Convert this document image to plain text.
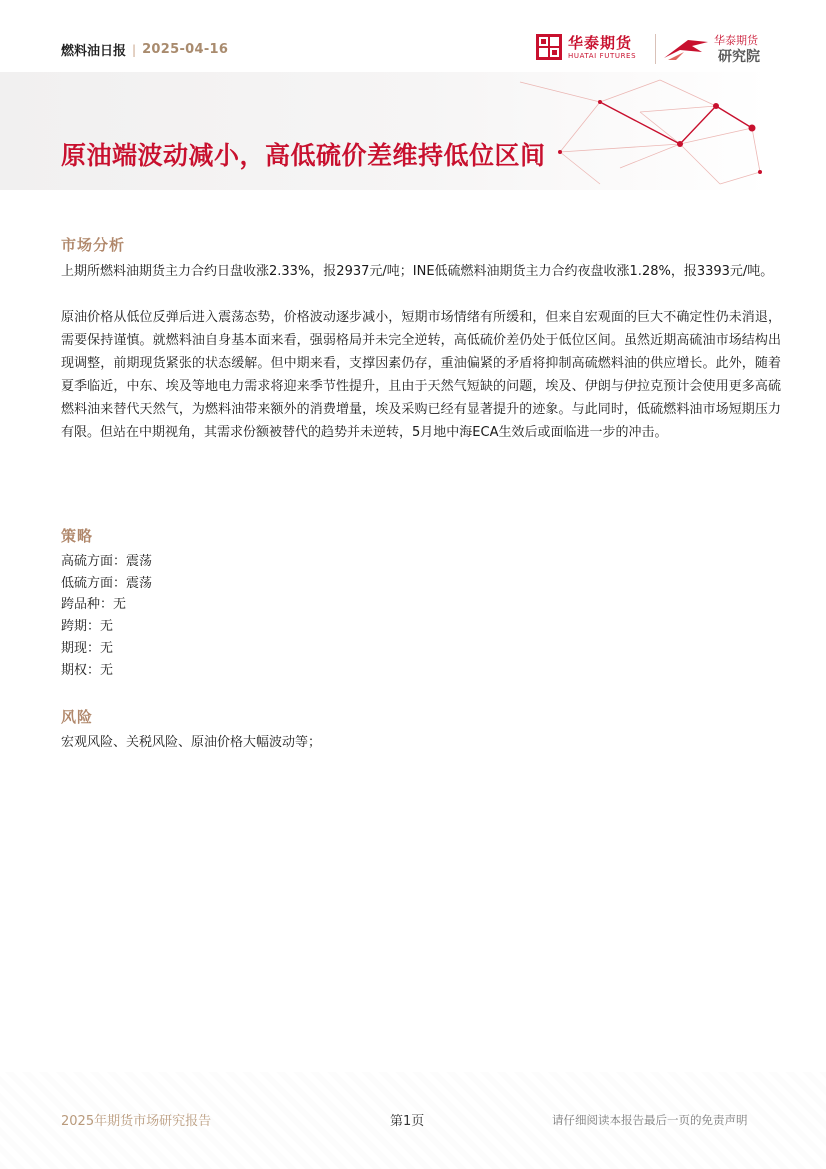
燃料油日报 | 2025-04-16	华泰期货
HUATAI FUTURES
华泰期货
研究院
原油端波动减小，高低硫价差维持低位区间
市场分析

上期所燃料油期货主力合约日盘收涨2.33%，报2937元/吨；INE低硫燃料油期货主力合约夜盘收涨1.28%，报3393元/吨。

原油价格从低位反弹后进入震荡态势，价格波动逐步减小，短期市场情绪有所缓和，但来自宏观面的巨大不确定性仍未消退，需要保持谨慎。就燃料油自身基本面来看，强弱格局并未完全逆转，高低硫价差仍处于低位区间。虽然近期高硫油市场结构出现调整，前期现货紧张的状态缓解。但中期来看，支撑因素仍存，重油偏紧的矛盾将抑制高硫燃料油的供应增长。此外，随着夏季临近，中东、埃及等地电力需求将迎来季节性提升，且由于天然气短缺的问题，埃及、伊朗与伊拉克预计会使用更多高硫燃料油来替代天然气，为燃料油带来额外的消费增量，埃及采购已经有显著提升的迹象。与此同时，低硫燃料油市场短期压力有限。但站在中期视角，其需求份额被替代的趋势并未逆转，5月地中海ECA生效后或面临进一步的冲击。

策略
高硫方面：震荡
低硫方面：震荡
跨品种：无
跨期：无
期现：无
期权：无
风险
宏观风险、关税风险、原油价格大幅波动等；
2025年期货市场研究报告	第1页	请仔细阅读本报告最后一页的免责声明
